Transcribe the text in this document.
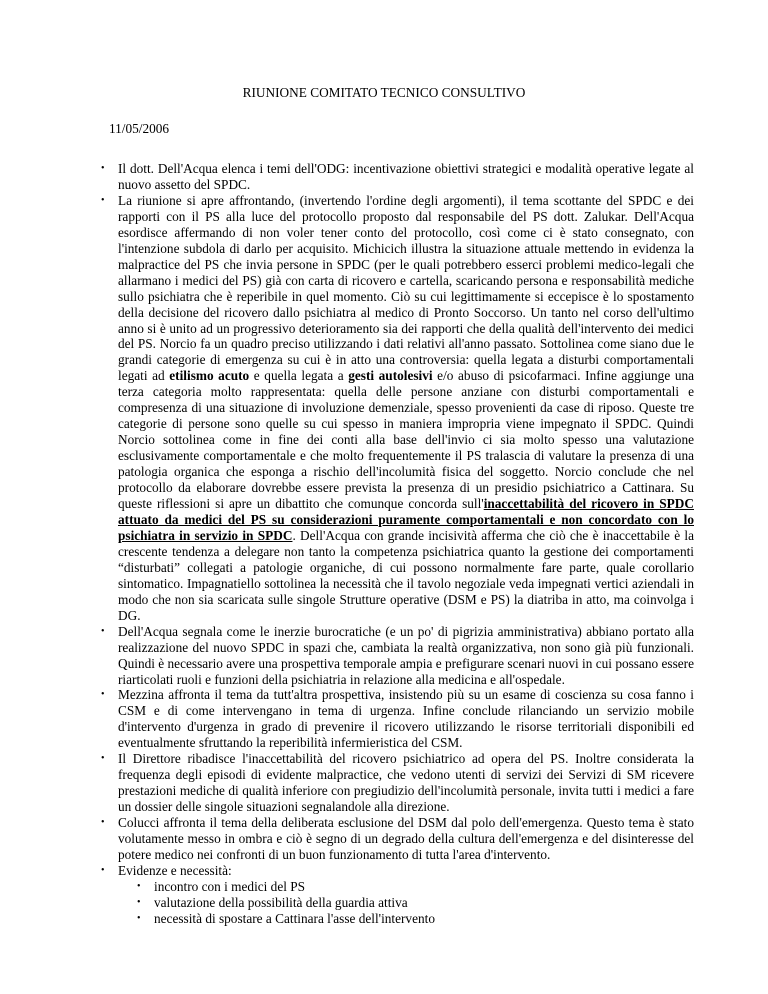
RIUNIONE COMITATO TECNICO CONSULTIVO
11/05/2006
• Il dott. Dell'Acqua elenca i temi dell'ODG: incentivazione obiettivi strategici e modalità operative legate al nuovo assetto del SPDC.
• La riunione si apre affrontando, (invertendo l'ordine degli argomenti), il tema scottante del SPDC e dei rapporti con il PS alla luce del protocollo proposto dal responsabile del PS dott. Zalukar. Dell'Acqua esordisce affermando di non voler tener conto del protocollo, così come ci è stato consegnato, con l'intenzione subdola di darlo per acquisito. Michicich illustra la situazione attuale mettendo in evidenza la malpractice del PS che invia persone in SPDC (per le quali potrebbero esserci problemi medico-legali che allarmano i medici del PS) già con carta di ricovero e cartella, scaricando persona e responsabilità mediche sullo psichiatra che è reperibile in quel momento. Ciò su cui legittimamente si eccepisce è lo spostamento della decisione del ricovero dallo psichiatra al medico di Pronto Soccorso. Un tanto nel corso dell'ultimo anno si è unito ad un progressivo deterioramento sia dei rapporti che della qualità dell'intervento dei medici del PS. Norcio fa un quadro preciso utilizzando i dati relativi all'anno passato. Sottolinea come siano due le grandi categorie di emergenza su cui è in atto una controversia: quella legata a disturbi comportamentali legati ad etilismo acuto e quella legata a gesti autolesivi e/o abuso di psicofarmaci. Infine aggiunge una terza categoria molto rappresentata: quella delle persone anziane con disturbi comportamentali e compresenza di una situazione di involuzione demenziale, spesso provenienti da case di riposo. Queste tre categorie di persone sono quelle su cui spesso in maniera impropria viene impegnato il SPDC. Quindi Norcio sottolinea come in fine dei conti alla base dell'invio ci sia molto spesso una valutazione esclusivamente comportamentale e che molto frequentemente il PS tralascia di valutare la presenza di una patologia organica che esponga a rischio dell'incolumità fisica del soggetto. Norcio conclude che nel protocollo da elaborare dovrebbe essere prevista la presenza di un presidio psichiatrico a Cattinara. Su queste riflessioni si apre un dibattito che comunque concorda sull'inaccettabilità del ricovero in SPDC attuato da medici del PS su considerazioni puramente comportamentali e non concordato con lo psichiatra in servizio in SPDC. Dell'Acqua con grande incisività afferma che ciò che è inaccettabile è la crescente tendenza a delegare non tanto la competenza psichiatrica quanto la gestione dei comportamenti “disturbati” collegati a patologie organiche, di cui possono normalmente fare parte, quale corollario sintomatico. Impagnatiello sottolinea la necessità che il tavolo negoziale veda impegnati vertici aziendali in modo che non sia scaricata sulle singole Strutture operative (DSM e PS) la diatriba in atto, ma coinvolga i DG.
• Dell'Acqua segnala come le inerzie burocratiche (e un po' di pigrizia amministrativa) abbiano portato alla realizzazione del nuovo SPDC in spazi che, cambiata la realtà organizzativa, non sono già più funzionali. Quindi è necessario avere una prospettiva temporale ampia e prefigurare scenari nuovi in cui possano essere riarticolati ruoli e funzioni della psichiatria in relazione alla medicina e all'ospedale.
• Mezzina affronta il tema da tutt'altra prospettiva, insistendo più su un esame di coscienza su cosa fanno i CSM e di come intervengano in tema di urgenza. Infine conclude rilanciando un servizio mobile d'intervento d'urgenza in grado di prevenire il ricovero utilizzando le risorse territoriali disponibili ed eventualmente sfruttando la reperibilità infermieristica del CSM.
• Il Direttore ribadisce l'inaccettabilità del ricovero psichiatrico ad opera del PS. Inoltre considerata la frequenza degli episodi di evidente malpractice, che vedono utenti di servizi dei Servizi di SM ricevere prestazioni mediche di qualità inferiore con pregiudizio dell'incolumità personale, invita tutti i medici a fare un dossier delle singole situazioni segnalandole alla direzione.
• Colucci affronta il tema della deliberata esclusione del DSM dal polo dell'emergenza. Questo tema è stato volutamente messo in ombra e ciò è segno di un degrado della cultura dell'emergenza e del disinteresse del potere medico nei confronti di un buon funzionamento di tutta l'area d'intervento.
• Evidenze e necessità:
• incontro con i medici del PS
• valutazione della possibilità della guardia attiva
• necessità di spostare a Cattinara l'asse dell'intervento
